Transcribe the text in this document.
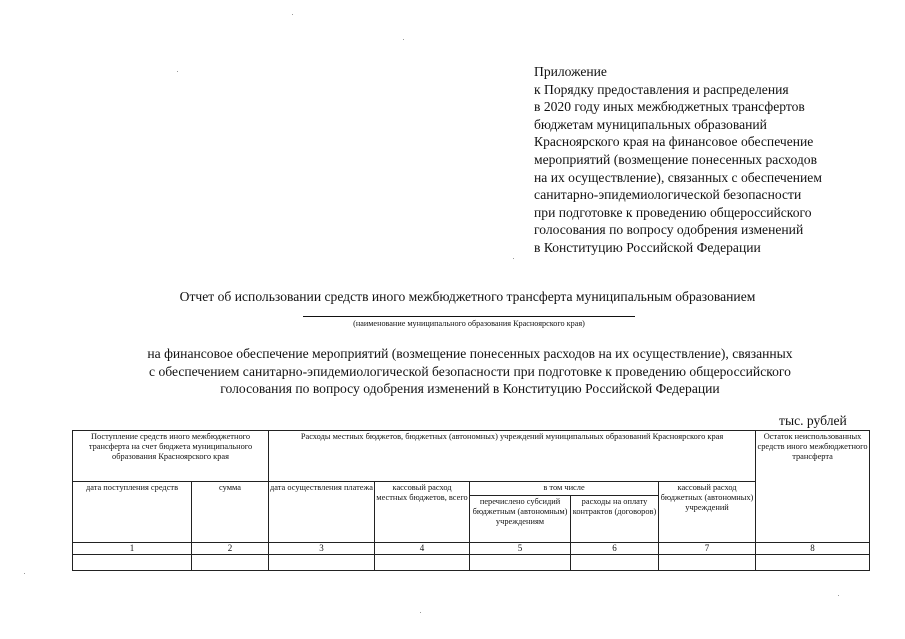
Приложение
к Порядку предоставления и распределения
в 2020 году иных межбюджетных трансфертов
бюджетам муниципальных образований
Красноярского края на финансовое обеспечение
мероприятий (возмещение понесенных расходов
на их осуществление), связанных с обеспечением
санитарно-эпидемиологической безопасности
при подготовке к проведению общероссийского
голосования по вопросу одобрения изменений
в Конституцию Российской Федерации
Отчет об использовании средств иного межбюджетного трансферта муниципальным образованием
(наименование муниципального образования Красноярского края)
на финансовое обеспечение мероприятий (возмещение понесенных расходов на их осуществление), связанных
с обеспечением санитарно-эпидемиологической безопасности при подготовке к проведению общероссийского
голосования по вопросу одобрения изменений в Конституцию Российской Федерации
тыс. рублей
Поступление средств иного межбюджетного трансферта на счет бюджета муниципального образования Красноярского края		Расходы местных бюджетов, бюджетных (автономных) учреждений муниципальных образований Красноярского края					Остаток неиспользованных средств иного межбюджетного трансферта
дата поступления средств	сумма	дата осуществления платежа	кассовый расход местных бюджетов, всего	в том числе		кассовый расход бюджетных (автономных) учреждений	
				перечислено субсидий бюджетным (автономным) учреждениям	расходы на оплату контрактов (договоров)		
1	2	3	4	5	6	7	8
